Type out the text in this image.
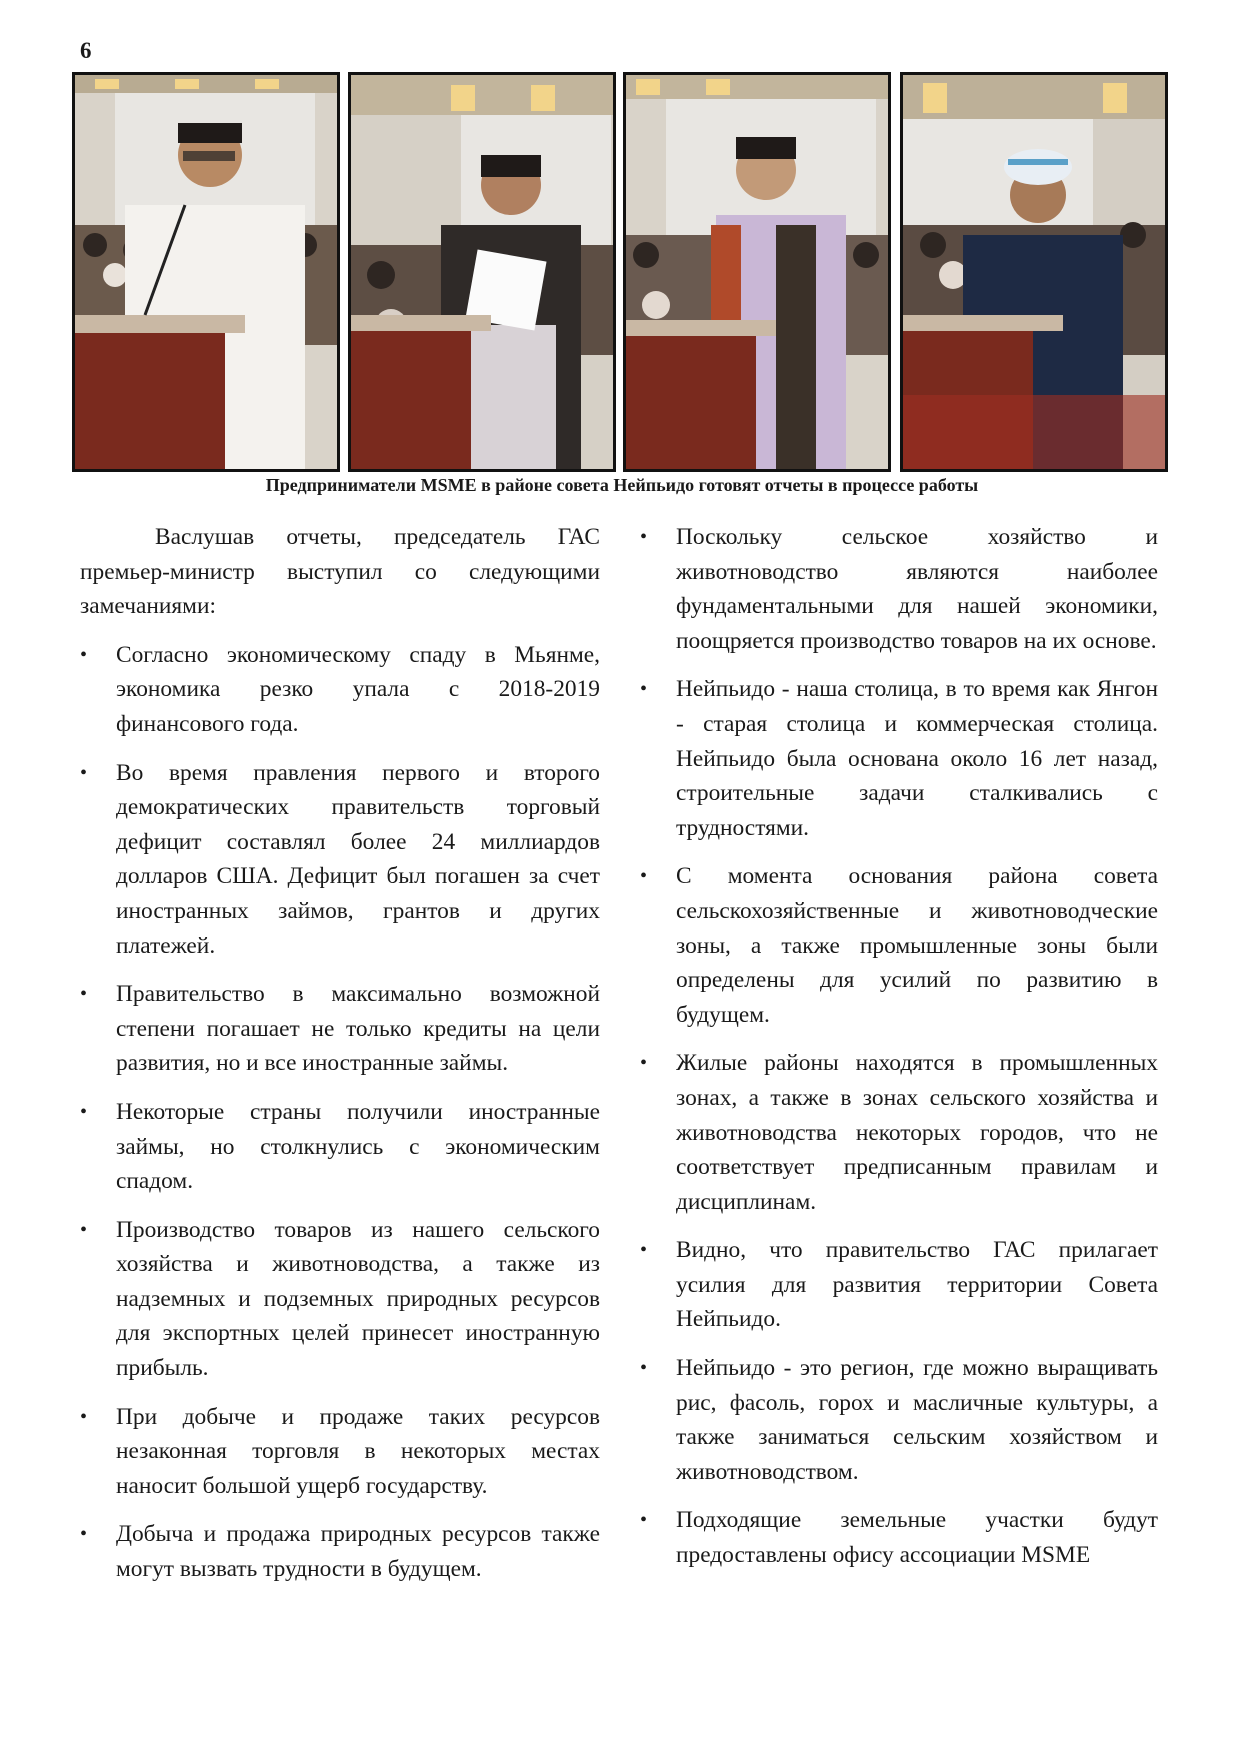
6
Предприниматели MSME в районе совета Нейпьидо готовят отчеты в процессе работы

Васлушав отчеты, председатель ГАС премьер-министр выступил со следующими замечаниями:

• Согласно экономическому спаду в Мьянме, экономика резко упала с 2018-2019 финансового года.
• Во время правления первого и второго демократических правительств торговый дефицит составлял более 24 миллиардов долларов США. Дефицит был погашен за счет иностранных займов, грантов и других платежей.
• Правительство в максимально возможной степени погашает не только кредиты на цели развития, но и все иностранные займы.
• Некоторые страны получили иностранные займы, но столкнулись с экономическим спадом.
• Производство товаров из нашего сельского хозяйства и животноводства, а также из надземных и подземных природных ресурсов для экспортных целей принесет иностранную прибыль.
• При добыче и продаже таких ресурсов незаконная торговля в некоторых местах наносит большой ущерб государству.
• Добыча и продажа природных ресурсов также могут вызвать трудности в будущем.
• Поскольку сельское хозяйство и животноводство являются наиболее фундаментальными для нашей экономики, поощряется производство товаров на их основе.
• Нейпьидо - наша столица, в то время как Янгон - старая столица и коммерческая столица. Нейпьидо была основана около 16 лет назад, строительные задачи сталкивались с трудностями.
• С момента основания района совета сельскохозяйственные и животноводческие зоны, а также промышленные зоны были определены для усилий по развитию в будущем.
• Жилые районы находятся в промышленных зонах, а также в зонах сельского хозяйства и животноводства некоторых городов, что не соответствует предписанным правилам и дисциплинам.
• Видно, что правительство ГАС прилагает усилия для развития территории Совета Нейпьидо.
• Нейпьидо - это регион, где можно выращивать рис, фасоль, горох и масличные культуры, а также заниматься сельским хозяйством и животноводством.
• Подходящие земельные участки будут предоставлены офису ассоциации MSME
